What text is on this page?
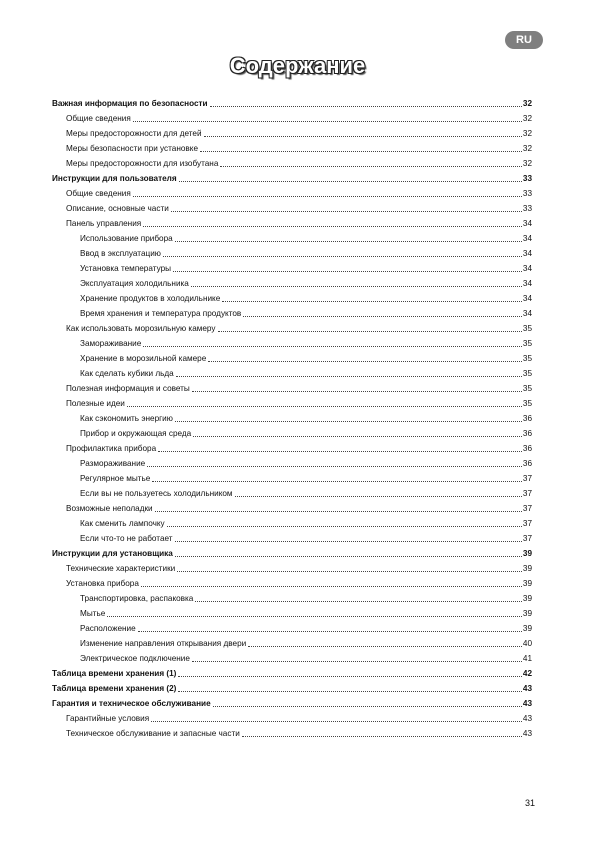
RU
Содержание
Важная информация по безопасности	32
Общие сведения	32
Меры предосторожности для детей	32
Меры безопасности при установке	32
Меры предосторожности для изобутана	32
Инструкции для пользователя	33
Общие сведения	33
Описание, основные части	33
Панель управления	34
Использование прибора	34
Ввод в эксплуатацию	34
Установка температуры	34
Эксплуатация холодильника	34
Хранение продуктов в холодильнике	34
Время хранения и температура продуктов	34
Как использовать морозильную камеру	35
Замораживание	35
Хранение в морозильной камере	35
Как сделать кубики льда	35
Полезная информация и советы	35
Полезные идеи	35
Как сэкономить энергию	36
Прибор и окружающая среда	36
Профилактика прибора	36
Размораживание	36
Регулярное мытье	37
Если вы не пользуетесь холодильником	37
Возможные неполадки	37
Как сменить лампочку	37
Если что-то не работает	37
Инструкции для установщика	39
Технические характеристики	39
Установка прибора	39
Транспортировка, распаковка	39
Мытье	39
Расположение	39
Изменение направления открывания двери	40
Электрическое подключение	41
Таблица времени хранения (1)	42
Таблица времени хранения (2)	43
Гарантия и техническое обслуживание	43
Гарантийные условия	43
Техническое обслуживание и запасные части	43
31
